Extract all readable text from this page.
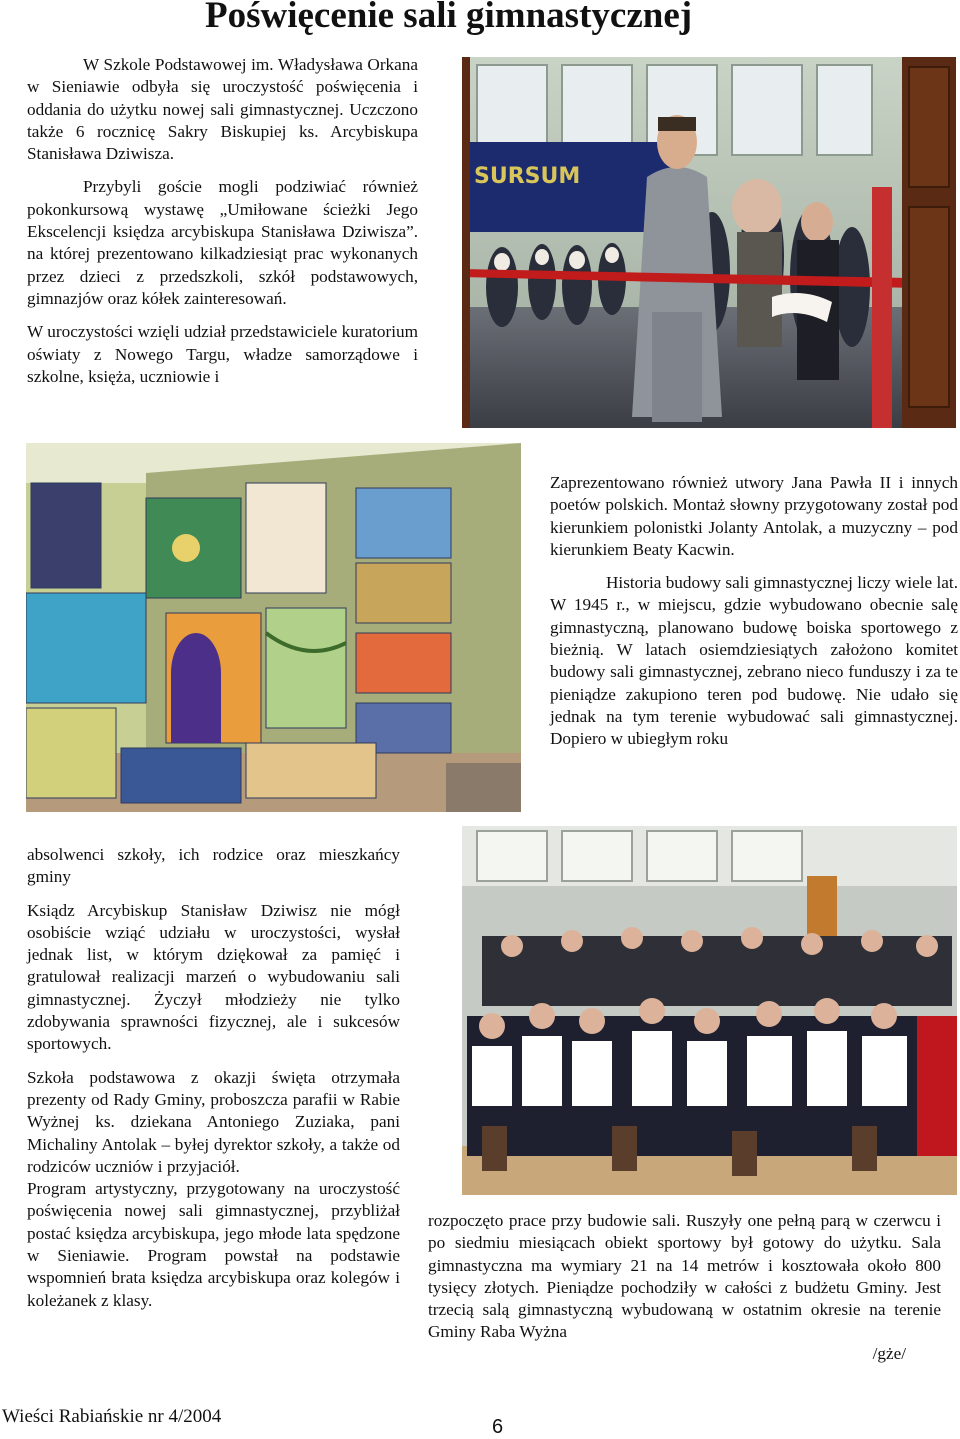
Poświęcenie sali gimnastycznej

W Szkole Podstawowej im. Władysława Orkana w Sieniawie odbyła się uroczystość poświęcenia i oddania do użytku nowej sali gimnastycznej. Uczczono także 6 rocznicę Sakry Biskupiej ks. Arcybiskupa Stanisława Dziwisza.

Przybyli goście mogli podziwiać również pokonkursową wystawę „Umiłowane ścieżki Jego Ekscelencji księdza arcybiskupa Stanisława Dziwisza”. na której prezentowano kilkadziesiąt prac wykonanych przez dzieci z przedszkoli, szkół podstawowych, gimnazjów oraz kółek zainteresowań.

W uroczystości wzięli udział przedstawiciele kuratorium oświaty z Nowego Targu, władze samorządowe i szkolne, księża, uczniowie i

SURSUM

Zaprezentowano również utwory Jana Pawła II i innych poetów polskich. Montaż słowny przygotowany został pod kierunkiem polonistki Jolanty Antolak, a muzyczny – pod kierunkiem Beaty Kacwin.

Historia budowy sali gimnastycznej liczy wiele lat. W 1945 r., w miejscu, gdzie wybudowano obecnie salę gimnastyczną, planowano budowę boiska sportowego z bieżnią. W latach osiemdziesiątych założono komitet budowy sali gimnastycznej, zebrano nieco funduszy i za te pieniądze zakupiono teren pod budowę. Nie udało się jednak na tym terenie wybudować sali gimnastycznej. Dopiero w ubiegłym roku

absolwenci szkoły, ich rodzice oraz mieszkańcy gminy

Ksiądz Arcybiskup Stanisław Dziwisz nie mógł osobiście wziąć udziału w uroczystości, wysłał jednak list, w którym dziękował za pamięć i gratulował realizacji marzeń o wybudowaniu sali gimnastycznej. Życzył młodzieży nie tylko zdobywania sprawności fizycznej, ale i sukcesów sportowych.

Szkoła podstawowa z okazji święta otrzymała prezenty od Rady Gminy, proboszcza parafii w Rabie Wyżnej ks. dziekana Antoniego Zuziaka, pani Michaliny Antolak – byłej dyrektor szkoły, a także od rodziców uczniów i przyjaciół.

Program artystyczny, przygotowany na uroczystość poświęcenia nowej sali gimnastycznej, przybliżał postać księdza arcybiskupa, jego młode lata spędzone w Sieniawie. Program powstał na podstawie wspomnień brata księdza arcybiskupa oraz kolegów i koleżanek z klasy.

rozpoczęto prace przy budowie sali. Ruszyły one pełną parą w czerwcu i po siedmiu miesiącach obiekt sportowy był gotowy do użytku. Sala gimnastyczna ma wymiary 21 na 14 metrów i kosztowała około 800 tysięcy złotych. Pieniądze pochodziły w całości z budżetu Gminy. Jest trzecią salą gimnastyczną wybudowaną w ostatnim okresie na terenie Gminy Raba Wyżna

/gże/
Wieści Rabiańskie nr 4/2004	6
